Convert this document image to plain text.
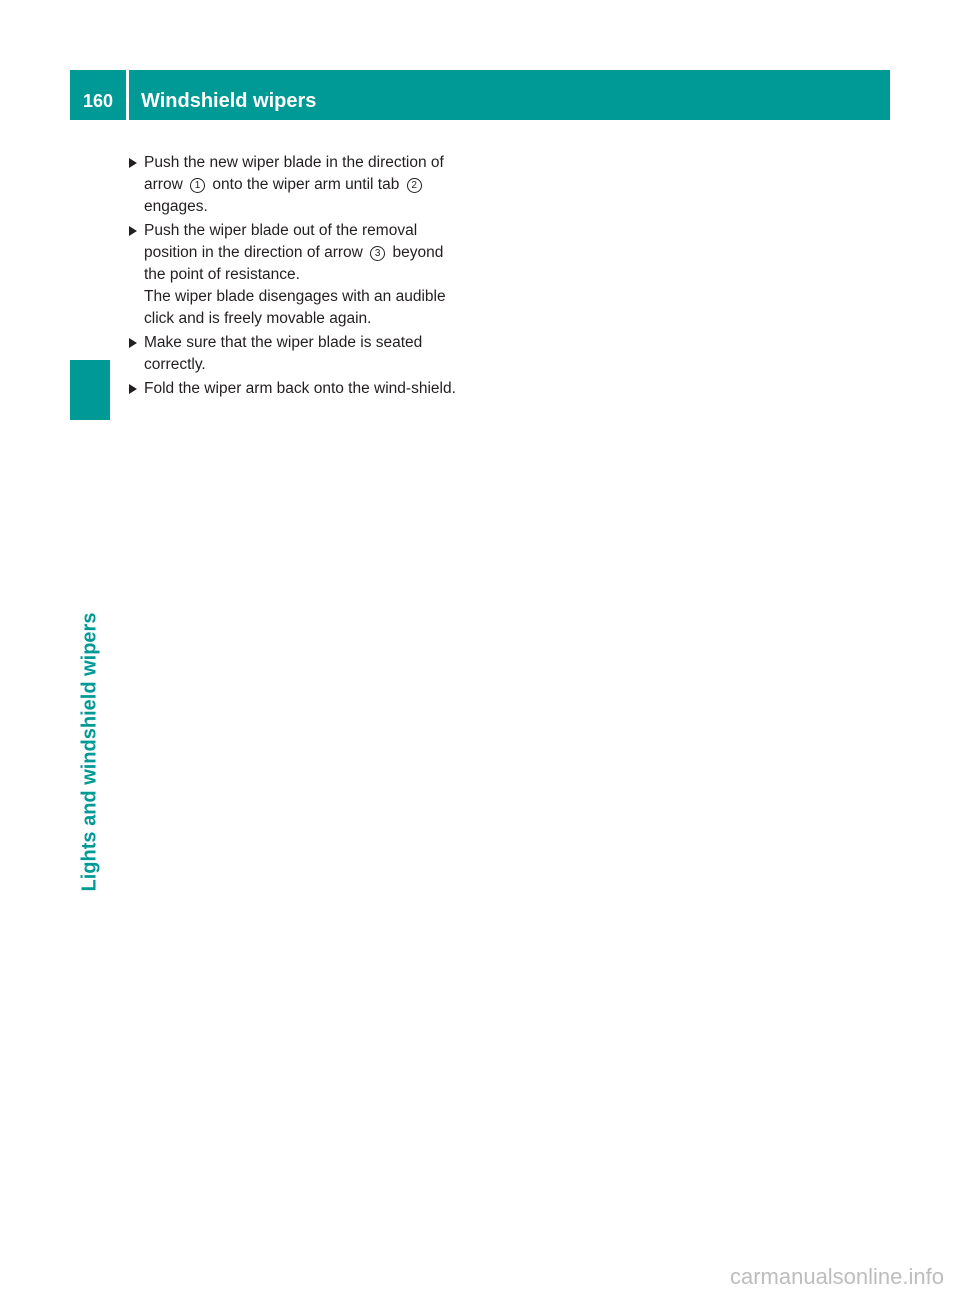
160	Windshield wipers
Lights and windshield wipers

Push the new wiper blade in the direction of arrow 1 onto the wiper arm until tab 2 engages.

Push the wiper blade out of the removal position in the direction of arrow 3 beyond the point of resistance.

The wiper blade disengages with an audible click and is freely movable again.

Make sure that the wiper blade is seated correctly.

Fold the wiper arm back onto the wind-shield.

carmanualsonline.info
